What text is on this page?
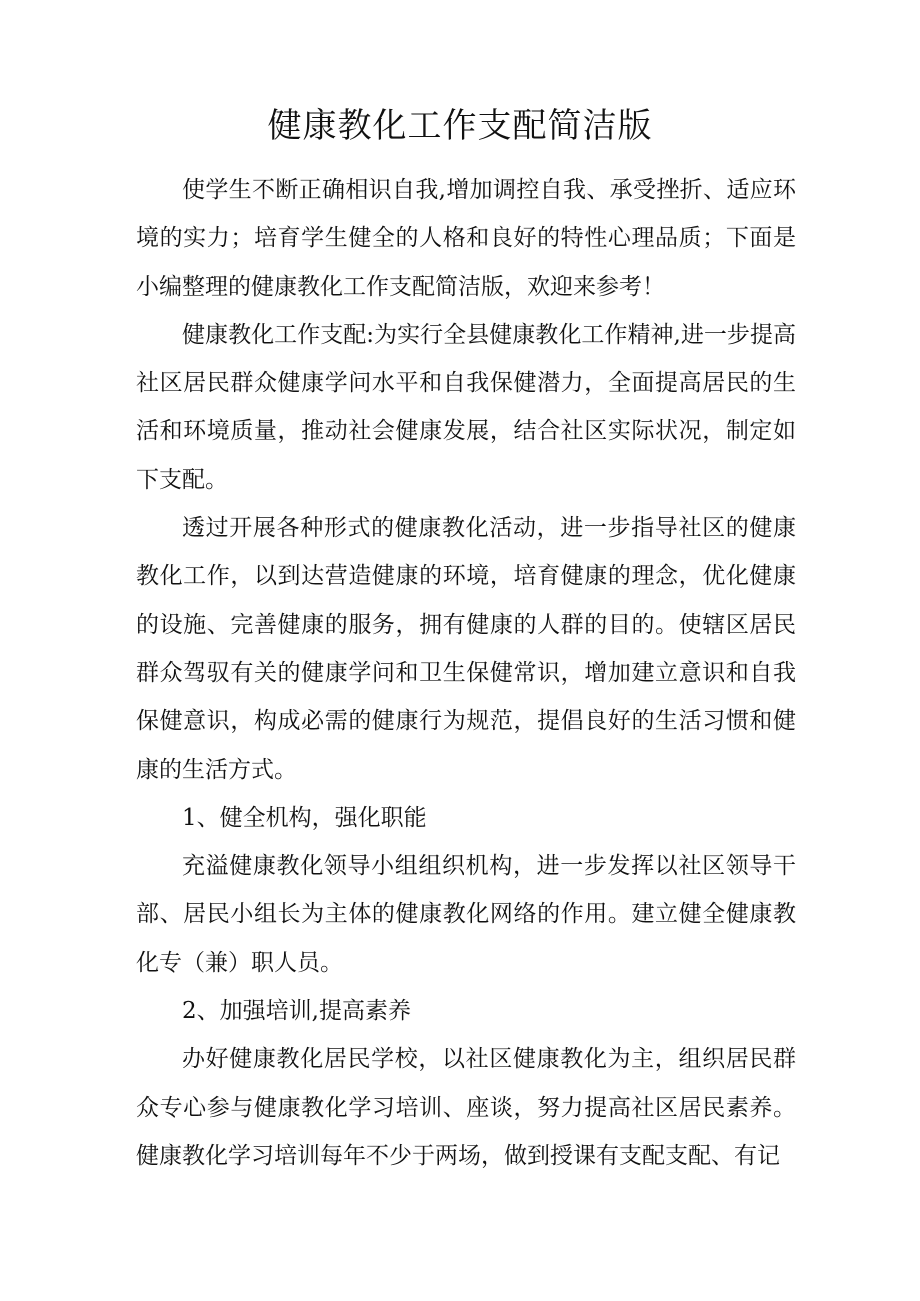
健康教化工作支配简洁版

使学生不断正确相识自我,增加调控自我、承受挫折、适应环境的实力；培育学生健全的人格和良好的特性心理品质；下面是小编整理的健康教化工作支配简洁版，欢迎来参考！

健康教化工作支配:为实行全县健康教化工作精神,进一步提高社区居民群众健康学问水平和自我保健潜力，全面提高居民的生活和环境质量，推动社会健康发展，结合社区实际状况，制定如下支配。

透过开展各种形式的健康教化活动，进一步指导社区的健康教化工作，以到达营造健康的环境，培育健康的理念，优化健康的设施、完善健康的服务，拥有健康的人群的目的。使辖区居民群众驾驭有关的健康学问和卫生保健常识，增加建立意识和自我保健意识，构成必需的健康行为规范，提倡良好的生活习惯和健康的生活方式。

1、健全机构，强化职能

充溢健康教化领导小组组织机构，进一步发挥以社区领导干部、居民小组长为主体的健康教化网络的作用。建立健全健康教化专（兼）职人员。

2、加强培训,提高素养

办好健康教化居民学校，以社区健康教化为主，组织居民群众专心参与健康教化学习培训、座谈，努力提高社区居民素养。健康教化学习培训每年不少于两场，做到授课有支配支配、有记
